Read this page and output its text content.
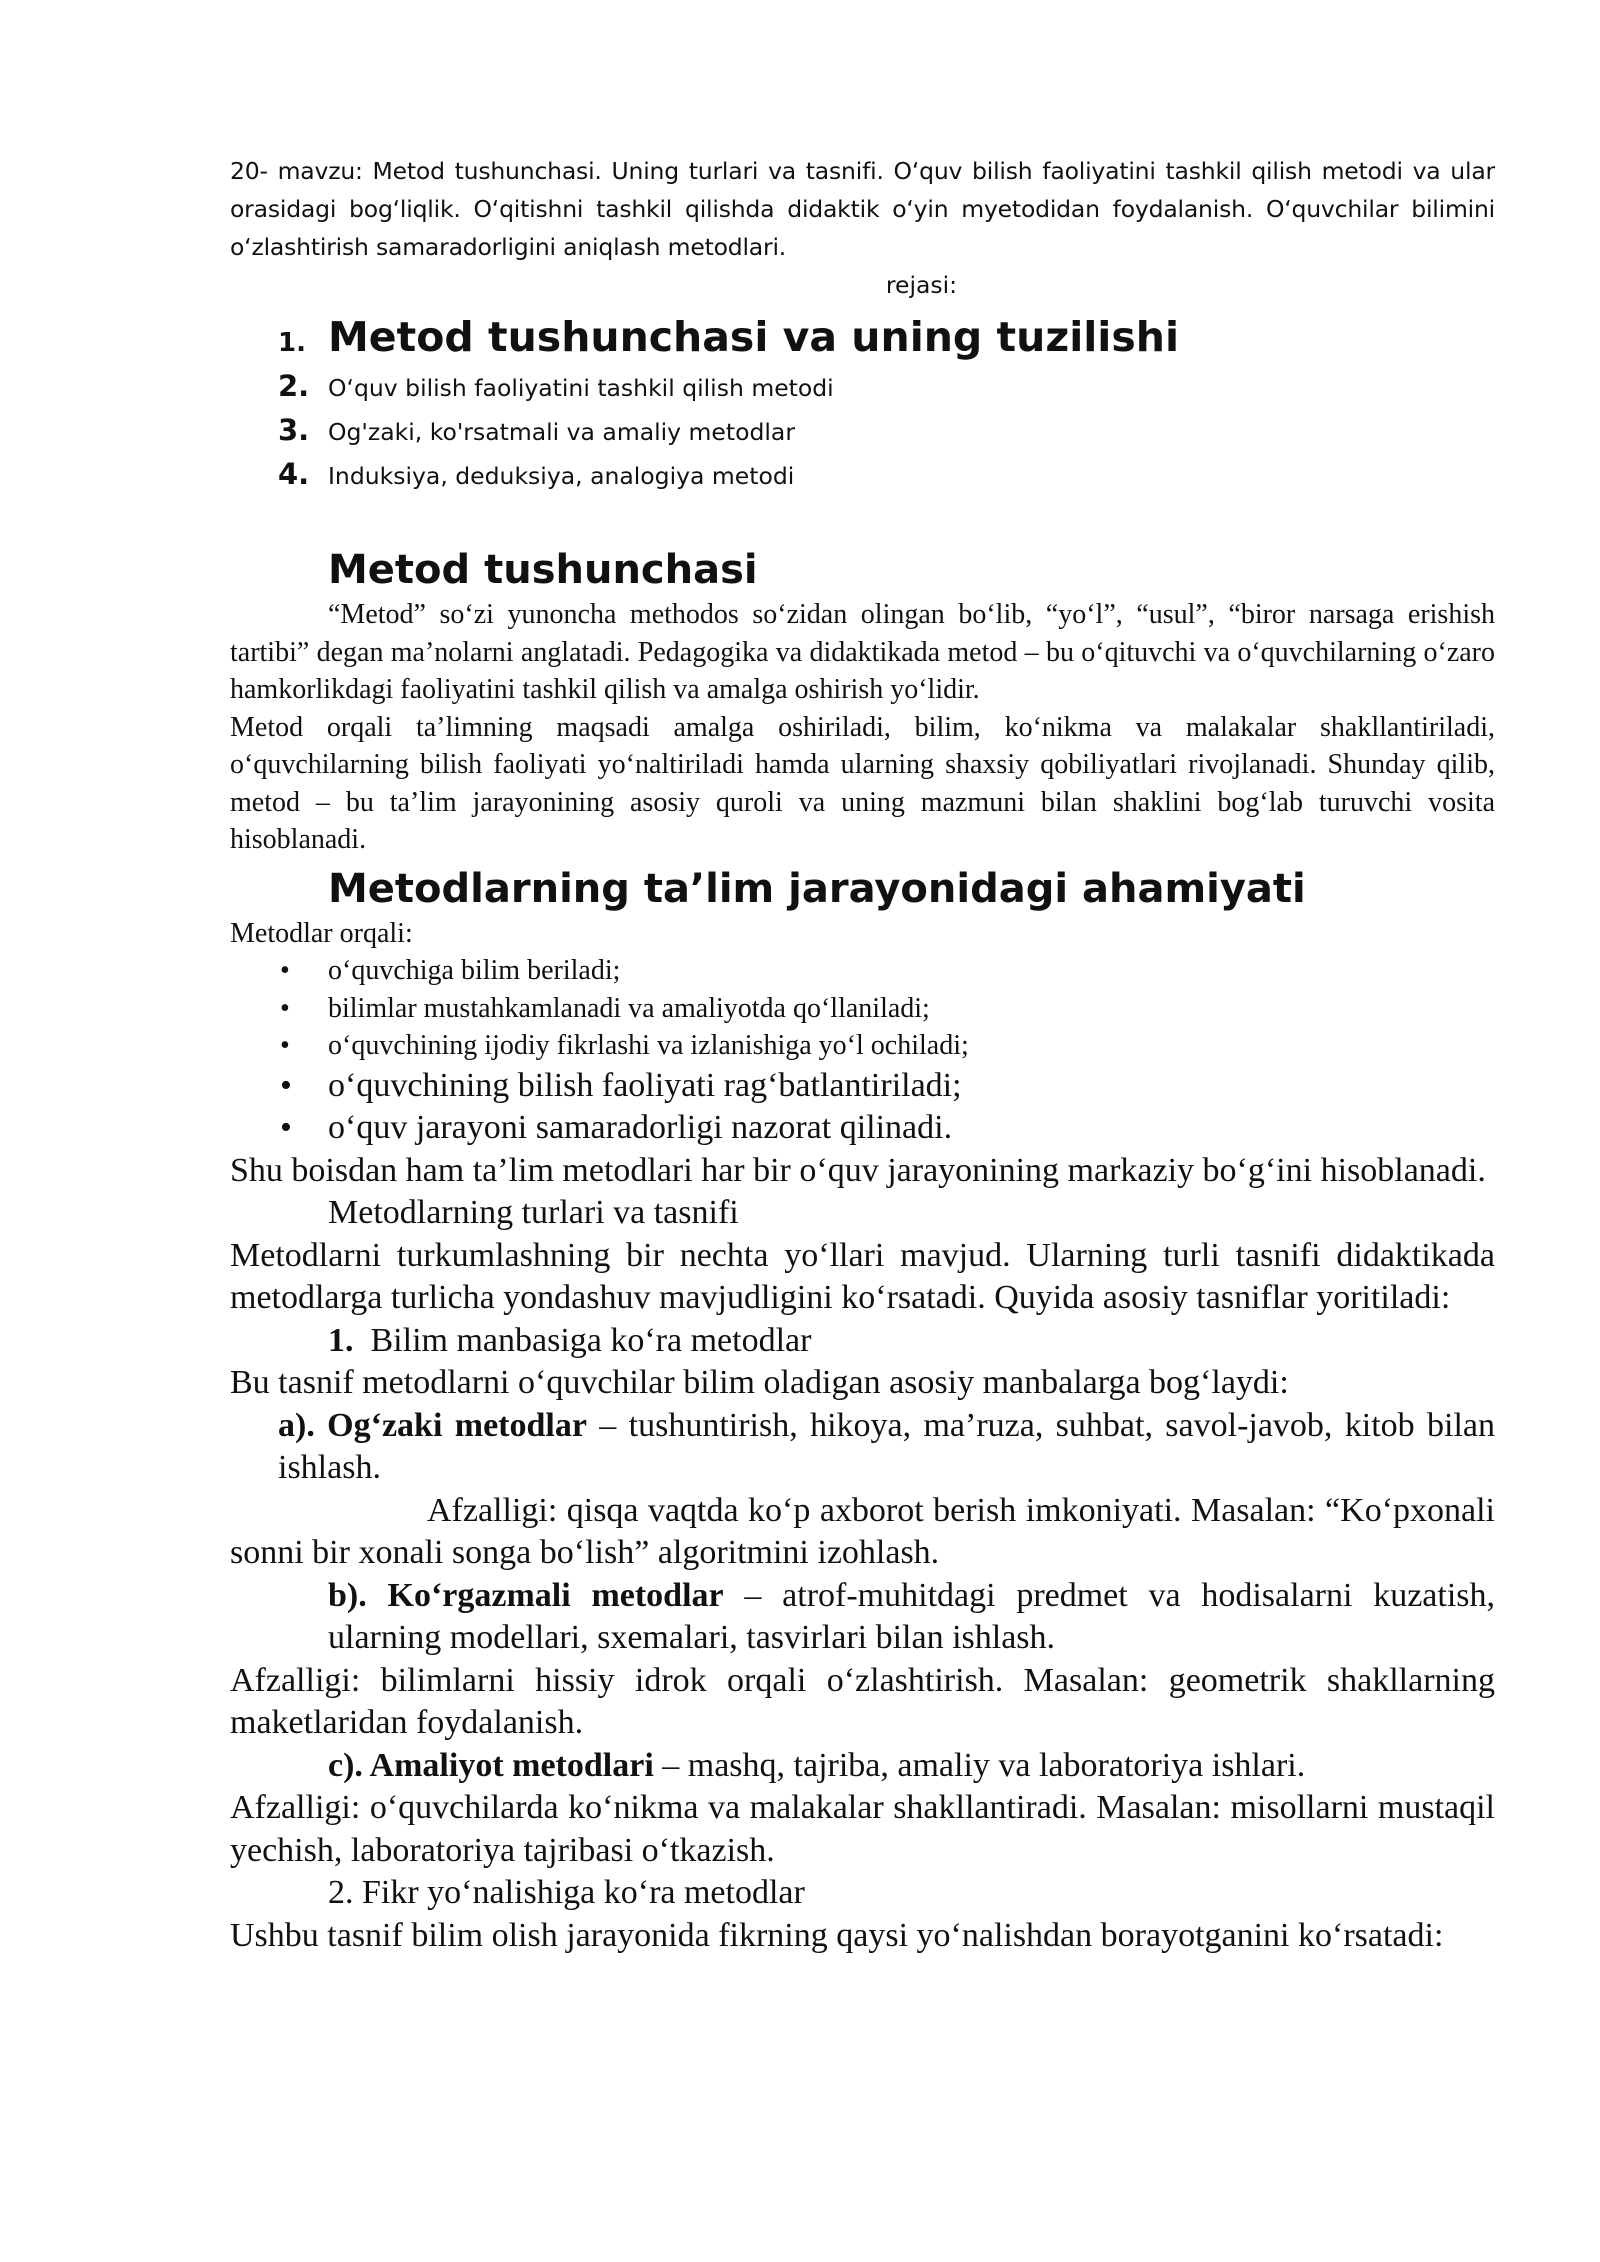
20- mavzu: Metod tushunchasi. Uning turlari va tasnifi. O‘quv bilish faoliyatini tashkil qilish metodi va ular orasidagi bog‘liqlik. O‘qitishni tashkil qilishda didaktik o‘yin myetodidan foydalanish. O‘quvchilar bilimini o‘zlashtirish samaradorligini aniqlash metodlari.

rejasi:

1. Metod tushunchasi va uning tuzilishi
2. O‘quv bilish faoliyatini tashkil qilish metodi
3. Og'zaki, ko'rsatmali va amaliy metodlar
4. Induksiya, deduksiya, analogiya metodi
Metod tushunchasi

“Metod” so‘zi yunoncha methodos so‘zidan olingan bo‘lib, “yo‘l”, “usul”, “biror narsaga erishish tartibi” degan ma’nolarni anglatadi. Pedagogika va didaktikada metod – bu o‘qituvchi va o‘quvchilarning o‘zaro hamkorlikdagi faoliyatini tashkil qilish va amalga oshirish yo‘lidir.

Metod orqali ta’limning maqsadi amalga oshiriladi, bilim, ko‘nikma va malakalar shakllantiriladi, o‘quvchilarning bilish faoliyati yo‘naltiriladi hamda ularning shaxsiy qobiliyatlari rivojlanadi. Shunday qilib, metod – bu ta’lim jarayonining asosiy quroli va uning mazmuni bilan shaklini bog‘lab turuvchi vosita hisoblanadi.

Metodlarning ta’lim jarayonidagi ahamiyati

Metodlar orqali:

• o‘quvchiga bilim beriladi;
• bilimlar mustahkamlanadi va amaliyotda qo‘llaniladi;
• o‘quvchining ijodiy fikrlashi va izlanishiga yo‘l ochiladi;
• o‘quvchining bilish faoliyati rag‘batlantiriladi;
• o‘quv jarayoni samaradorligi nazorat qilinadi.

Shu boisdan ham ta’lim metodlari har bir o‘quv jarayonining markaziy bo‘g‘ini hisoblanadi.

Metodlarning turlari va tasnifi

Metodlarni turkumlashning bir nechta yo‘llari mavjud. Ularning turli tasnifi didaktikada metodlarga turlicha yondashuv mavjudligini ko‘rsatadi. Quyida asosiy tasniflar yoritiladi:

1. Bilim manbasiga ko‘ra metodlar

Bu tasnif metodlarni o‘quvchilar bilim oladigan asosiy manbalarga bog‘laydi:

a). Og‘zaki metodlar – tushuntirish, hikoya, ma’ruza, suhbat, savol-javob, kitob bilan ishlash.

Afzalligi: qisqa vaqtda ko‘p axborot berish imkoniyati. Masalan: “Ko‘pxonali sonni bir xonali songa bo‘lish” algoritmini izohlash.

b). Ko‘rgazmali metodlar – atrof-muhitdagi predmet va hodisalarni kuzatish, ularning modellari, sxemalari, tasvirlari bilan ishlash.

Afzalligi: bilimlarni hissiy idrok orqali o‘zlashtirish. Masalan: geometrik shakllarning maketlaridan foydalanish.

c). Amaliyot metodlari – mashq, tajriba, amaliy va laboratoriya ishlari.

Afzalligi: o‘quvchilarda ko‘nikma va malakalar shakllantiradi. Masalan: misollarni mustaqil yechish, laboratoriya tajribasi o‘tkazish.

2. Fikr yo‘nalishiga ko‘ra metodlar

Ushbu tasnif bilim olish jarayonida fikrning qaysi yo‘nalishdan borayotganini ko‘rsatadi:
